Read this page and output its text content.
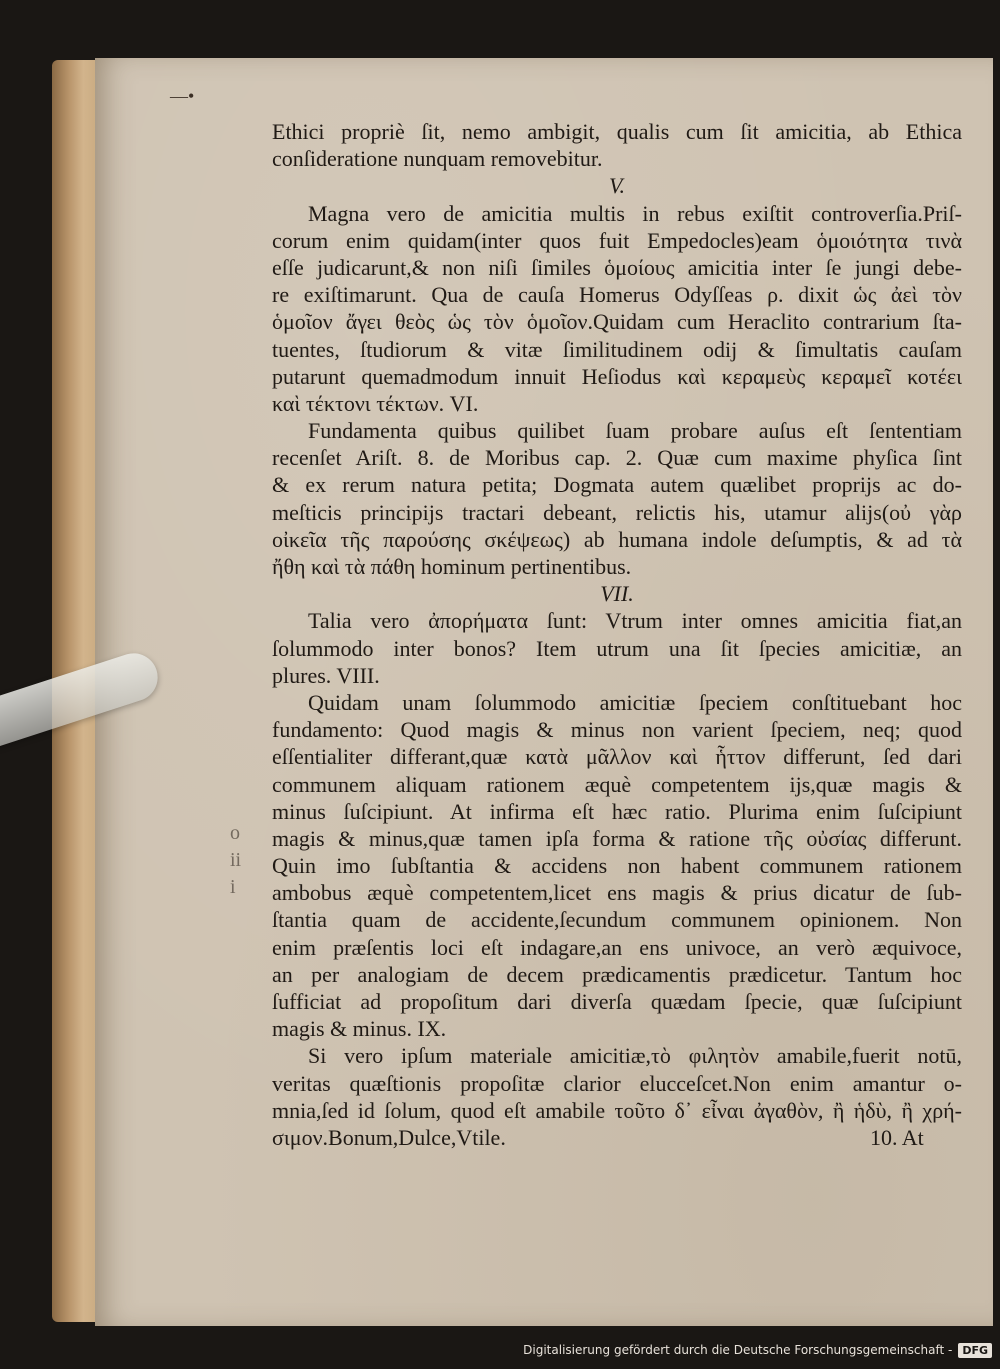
—•
o
ii
i
Ethici propriè ſit, nemo ambigit, qualis cum ſit amicitia, ab Ethica
conſideratione nunquam removebitur.
V.
Magna vero de amicitia multis in rebus exiſtit controverſia.Priſ-
corum enim quidam(inter quos fuit Empedocles)eam ὁμοιότητα τινὰ
eſſe judicarunt,& non niſi ſimiles ὁμοίους amicitia inter ſe jungi debe-
re exiſtimarunt. Qua de cauſa Homerus Odyſſeas ρ. dixit ὡς ἀεὶ τὸν
ὁμοῖον ἄγει θεὸς ὡς τὸν ὁμοῖον.Quidam cum Heraclito contrarium ſta-
tuentes, ſtudiorum & vitæ ſimilitudinem odij & ſimultatis cauſam
putarunt quemadmodum innuit Heſiodus καὶ κεραμεὺς κεραμεῖ κοτέει
καὶ τέκτονι τέκτων. VI.
Fundamenta quibus quilibet ſuam probare auſus eſt ſententiam
recenſet Ariſt. 8. de Moribus cap. 2. Quæ cum maxime phyſica ſint
& ex rerum natura petita; Dogmata autem quælibet proprijs ac do-
meſticis principijs tractari debeant, relictis his, utamur alijs(οὐ γὰρ
οἰκεῖα τῆς παρούσης σκέψεως) ab humana indole deſumptis, & ad τὰ
ἤθη καὶ τὰ πάθη hominum pertinentibus.
VII.
Talia vero ἀπορήματα ſunt: Vtrum inter omnes amicitia fiat,an
ſolummodo inter bonos? Item utrum una ſit ſpecies amicitiæ, an
plures. VIII.
Quidam unam ſolummodo amicitiæ ſpeciem conſtituebant hoc
fundamento: Quod magis & minus non varient ſpeciem, neq; quod
eſſentialiter differant,quæ κατὰ μᾶλλον καὶ ἧττον differunt, ſed dari
communem aliquam rationem æquè competentem ijs,quæ magis &
minus ſuſcipiunt. At infirma eſt hæc ratio. Plurima enim ſuſcipiunt
magis & minus,quæ tamen ipſa forma & ratione τῆς οὐσίας differunt.
Quin imo ſubſtantia & accidens non habent communem rationem
ambobus æquè competentem,licet ens magis & prius dicatur de ſub-
ſtantia quam de accidente,ſecundum communem opinionem. Non
enim præſentis loci eſt indagare,an ens univoce, an verò æquivoce,
an per analogiam de decem prædicamentis prædicetur. Tantum hoc
ſufficiat ad propoſitum dari diverſa quædam ſpecie, quæ ſuſcipiunt
magis & minus. IX.
Si vero ipſum materiale amicitiæ,τὸ φιλητὸν amabile,fuerit notū,
veritas quæſtionis propoſitæ clarior elucceſcet.Non enim amantur o-
mnia,ſed id ſolum, quod eſt amabile τοῦτο δ᾽ εἶναι ἀγαθὸν, ἢ ἡδὺ, ἢ χρή-
σιμον.Bonum,Dulce,Vtile.	10. At
Digitalisierung gefördert durch die Deutsche Forschungsgemeinschaft - DFG
